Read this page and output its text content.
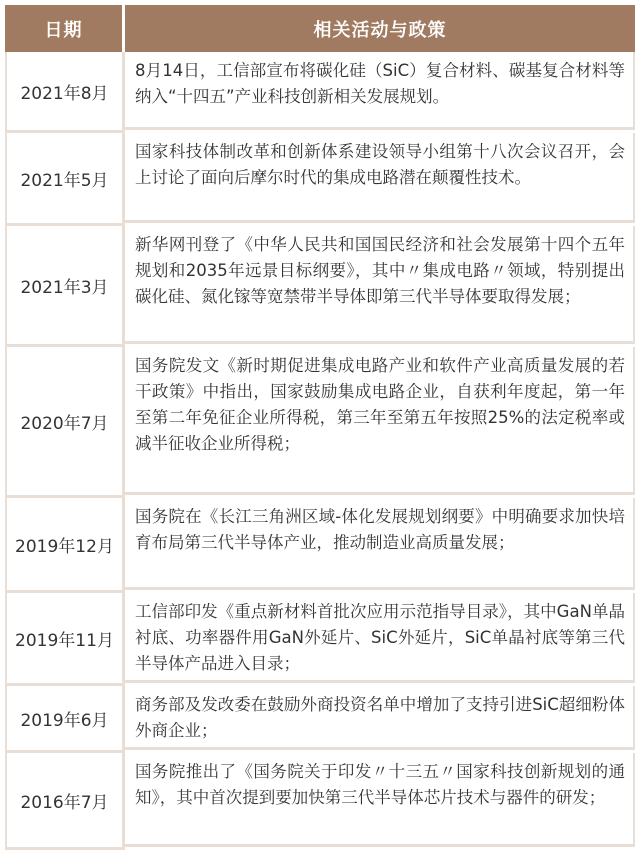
日期	相关活动与政策
2021年8月
8月14日，工信部宣布将碳化硅（SiC）复合材料、碳基复合材料等纳入“十四五”产业科技创新相关发展规划。
2021年5月
国家科技体制改革和创新体系建设领导小组第十八次会议召开，会上讨论了面向后摩尔时代的集成电路潜在颠覆性技术。
2021年3月
新华网刊登了《中华人民共和国国民经济和社会发展第十四个五年规划和2035年远景目标纲要》，其中〃集成电路〃领域，特别提出碳化硅、氮化镓等宽禁带半导体即第三代半导体要取得发展；
2020年7月
国务院发文《新时期促进集成电路产业和软件产业高质量发展的若干政策》中指出，国家鼓励集成电路企业，自获利年度起，第一年至第二年免征企业所得税，第三年至第五年按照25%的法定税率或减半征收企业所得税；
2019年12月
国务院在《长江三角洲区域-体化发展规划纲要》中明确要求加快培育布局第三代半导体产业，推动制造业高质量发展；
2019年11月
工信部印发《重点新材料首批次应用示范指导目录》，其中GaN单晶衬底、功率器件用GaN外延片、SiC外延片，SiC单晶衬底等第三代半导体产品进入目录；
2019年6月
商务部及发改委在鼓励外商投资名单中增加了支持引进SiC超细粉体外商企业；
2016年7月
国务院推出了《国务院关于印发〃十三五〃国家科技创新规划的通知》，其中首次提到要加快第三代半导体芯片技术与器件的研发；
